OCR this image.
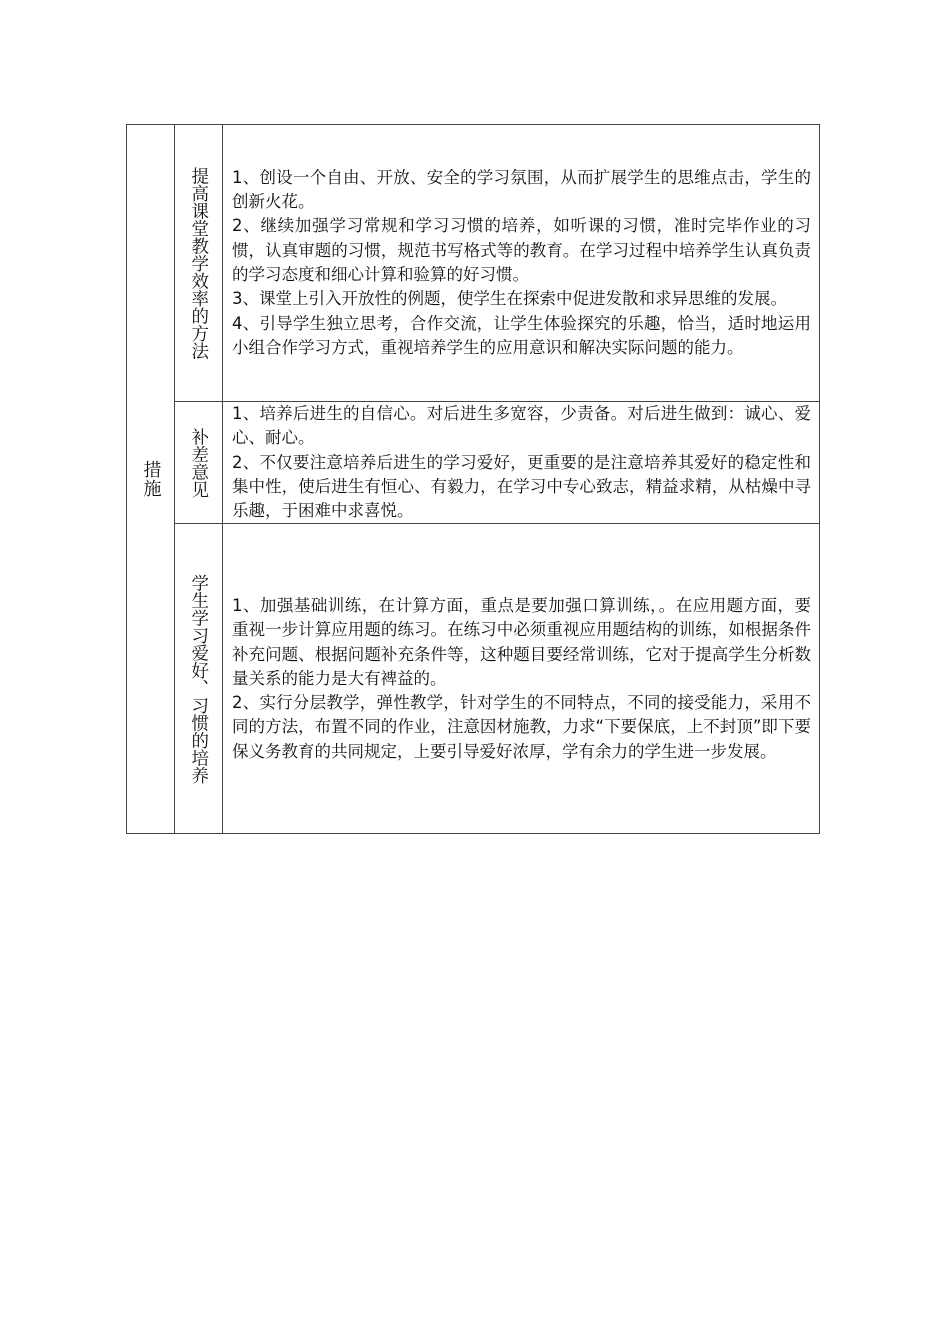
措施	提高课堂教学效率的方法	1、创设一个自由、开放、安全的学习氛围，从而扩展学生的思维点击，学生的创新火花。

2、继续加强学习常规和学习习惯的培养，如听课的习惯，准时完毕作业的习惯，认真审题的习惯，规范书写格式等的教育。在学习过程中培养学生认真负责的学习态度和细心计算和验算的好习惯。

3、课堂上引入开放性的例题，使学生在探索中促进发散和求异思维的发展。

4、引导学生独立思考，合作交流，让学生体验探究的乐趣，恰当，适时地运用小组合作学习方式，重视培养学生的应用意识和解决实际问题的能力。

	补差意见	1、培养后进生的自信心。对后进生多宽容，少责备。对后进生做到：诚心、爱心、耐心。

2、不仅要注意培养后进生的学习爱好，更重要的是注意培养其爱好的稳定性和集中性，使后进生有恒心、有毅力，在学习中专心致志，精益求精，从枯燥中寻乐趣，于困难中求喜悦。

	学生学习爱好、习惯的培养	1、加强基础训练，在计算方面，重点是要加强口算训练，。在应用题方面，要重视一步计算应用题的练习。在练习中必须重视应用题结构的训练，如根据条件补充问题、根据问题补充条件等，这种题目要经常训练，它对于提高学生分析数量关系的能力是大有裨益的。

2、实行分层教学，弹性教学，针对学生的不同特点，不同的接受能力，采用不同的方法，布置不同的作业，注意因材施教，力求“下要保底，上不封顶”即下要保义务教育的共同规定，上要引导爱好浓厚，学有余力的学生进一步发展。
